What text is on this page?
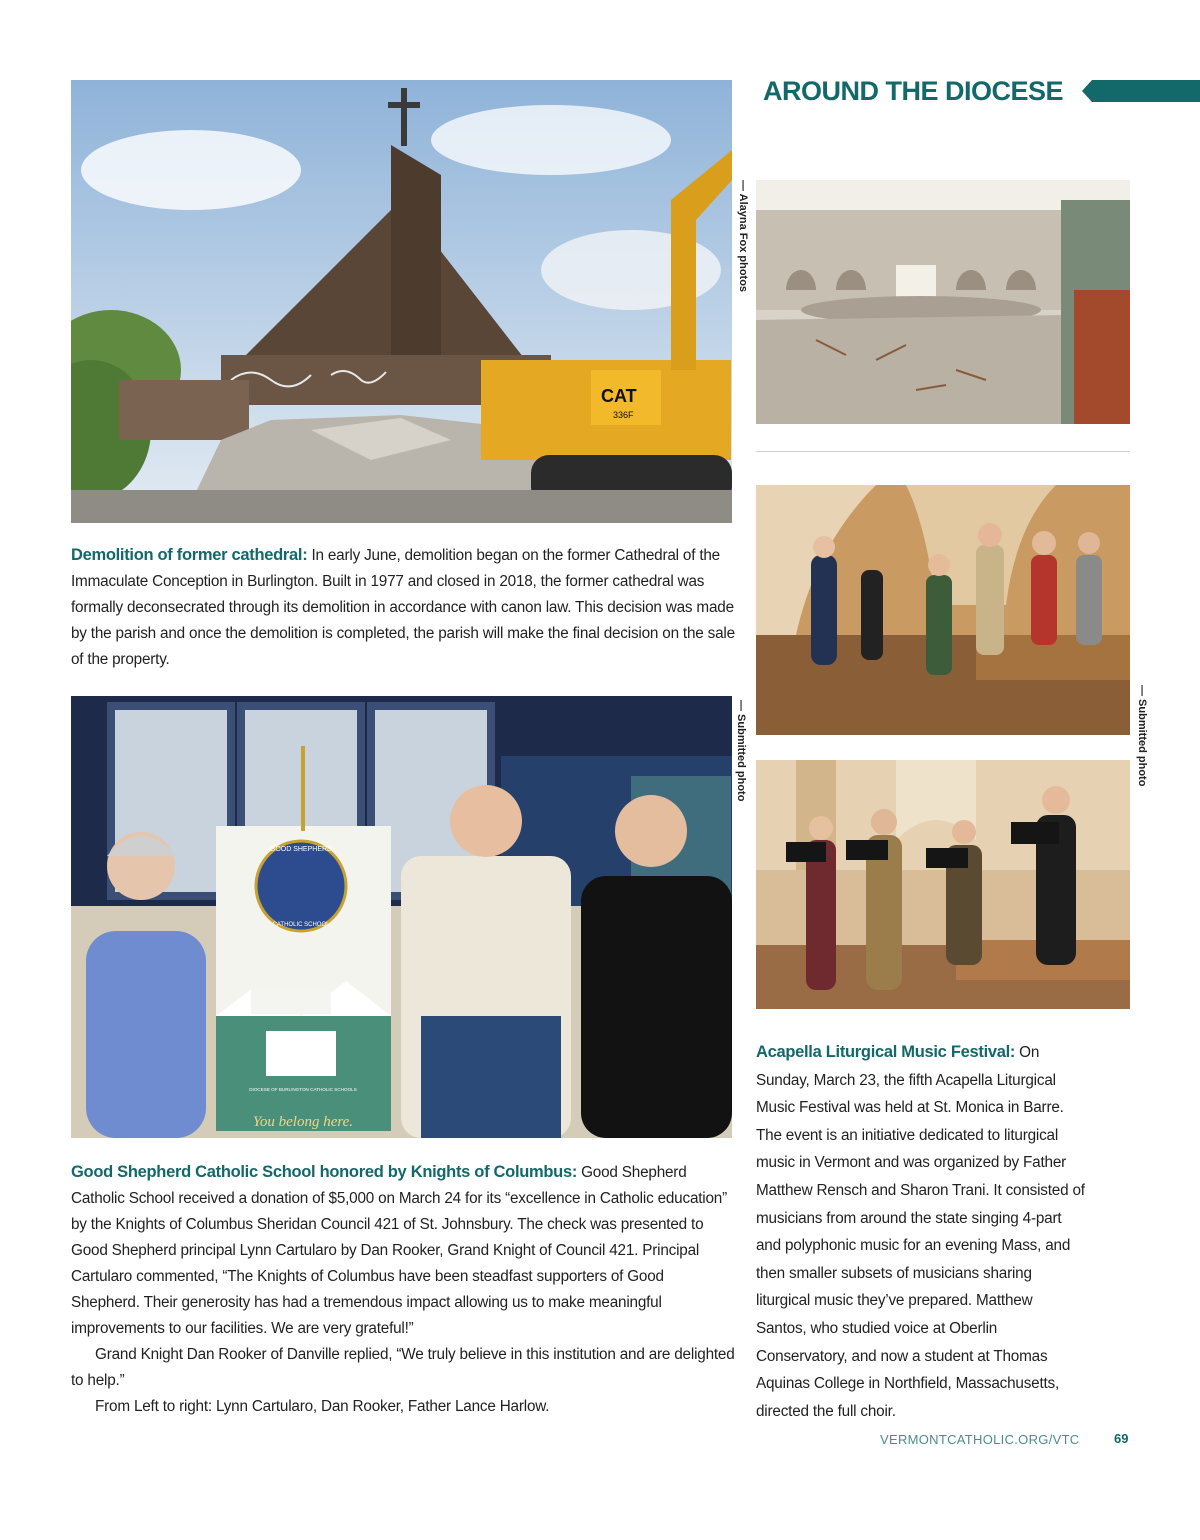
AROUND THE DIOCESE
CAT
336F
— Alayna Fox photos

Demolition of former cathedral: In early June, demolition began on the former Cathedral of the Immaculate Conception in Burlington. Built in 1977 and closed in 2018, the former cathedral was formally deconsecrated through its demolition in accordance with canon law. This decision was made by the parish and once the demolition is completed, the parish will make the final decision on the sale of the property.

GOOD SHEPHERD
CATHOLIC SCHOOL
DIOCESE OF BURLINGTON CATHOLIC SCHOOLS
You belong here.
— Submitted photo

Good Shepherd Catholic School honored by Knights of Columbus: Good Shepherd Catholic School received a donation of $5,000 on March 24 for its “excellence in Catholic education” by the Knights of Columbus Sheridan Council 421 of St. Johnsbury. The check was presented to Good Shepherd principal Lynn Cartularo by Dan Rooker, Grand Knight of Council 421. Principal Cartularo commented, “The Knights of Columbus have been steadfast supporters of Good Shepherd. Their generosity has had a tremendous impact allowing us to make meaningful improvements to our facilities. We are very grateful!”

Grand Knight Dan Rooker of Danville replied, “We truly believe in this institution and are delighted to help.”

From Left to right: Lynn Cartularo, Dan Rooker, Father Lance Harlow.

— Submitted photo

Acapella Liturgical Music Festival: On Sunday, March 23, the fifth Acapella Liturgical Music Festival was held at St. Monica in Barre. The event is an initiative dedicated to liturgical music in Vermont and was organized by Father Matthew Rensch and Sharon Trani. It consisted of musicians from around the state singing 4-part and polyphonic music for an evening Mass, and then smaller subsets of musicians sharing liturgical music they’ve prepared. Matthew Santos, who studied voice at Oberlin Conservatory, and now a student at Thomas Aquinas College in Northfield, Massachusetts, directed the full choir.

VERMONTCATHOLIC.ORG/VTC	69
